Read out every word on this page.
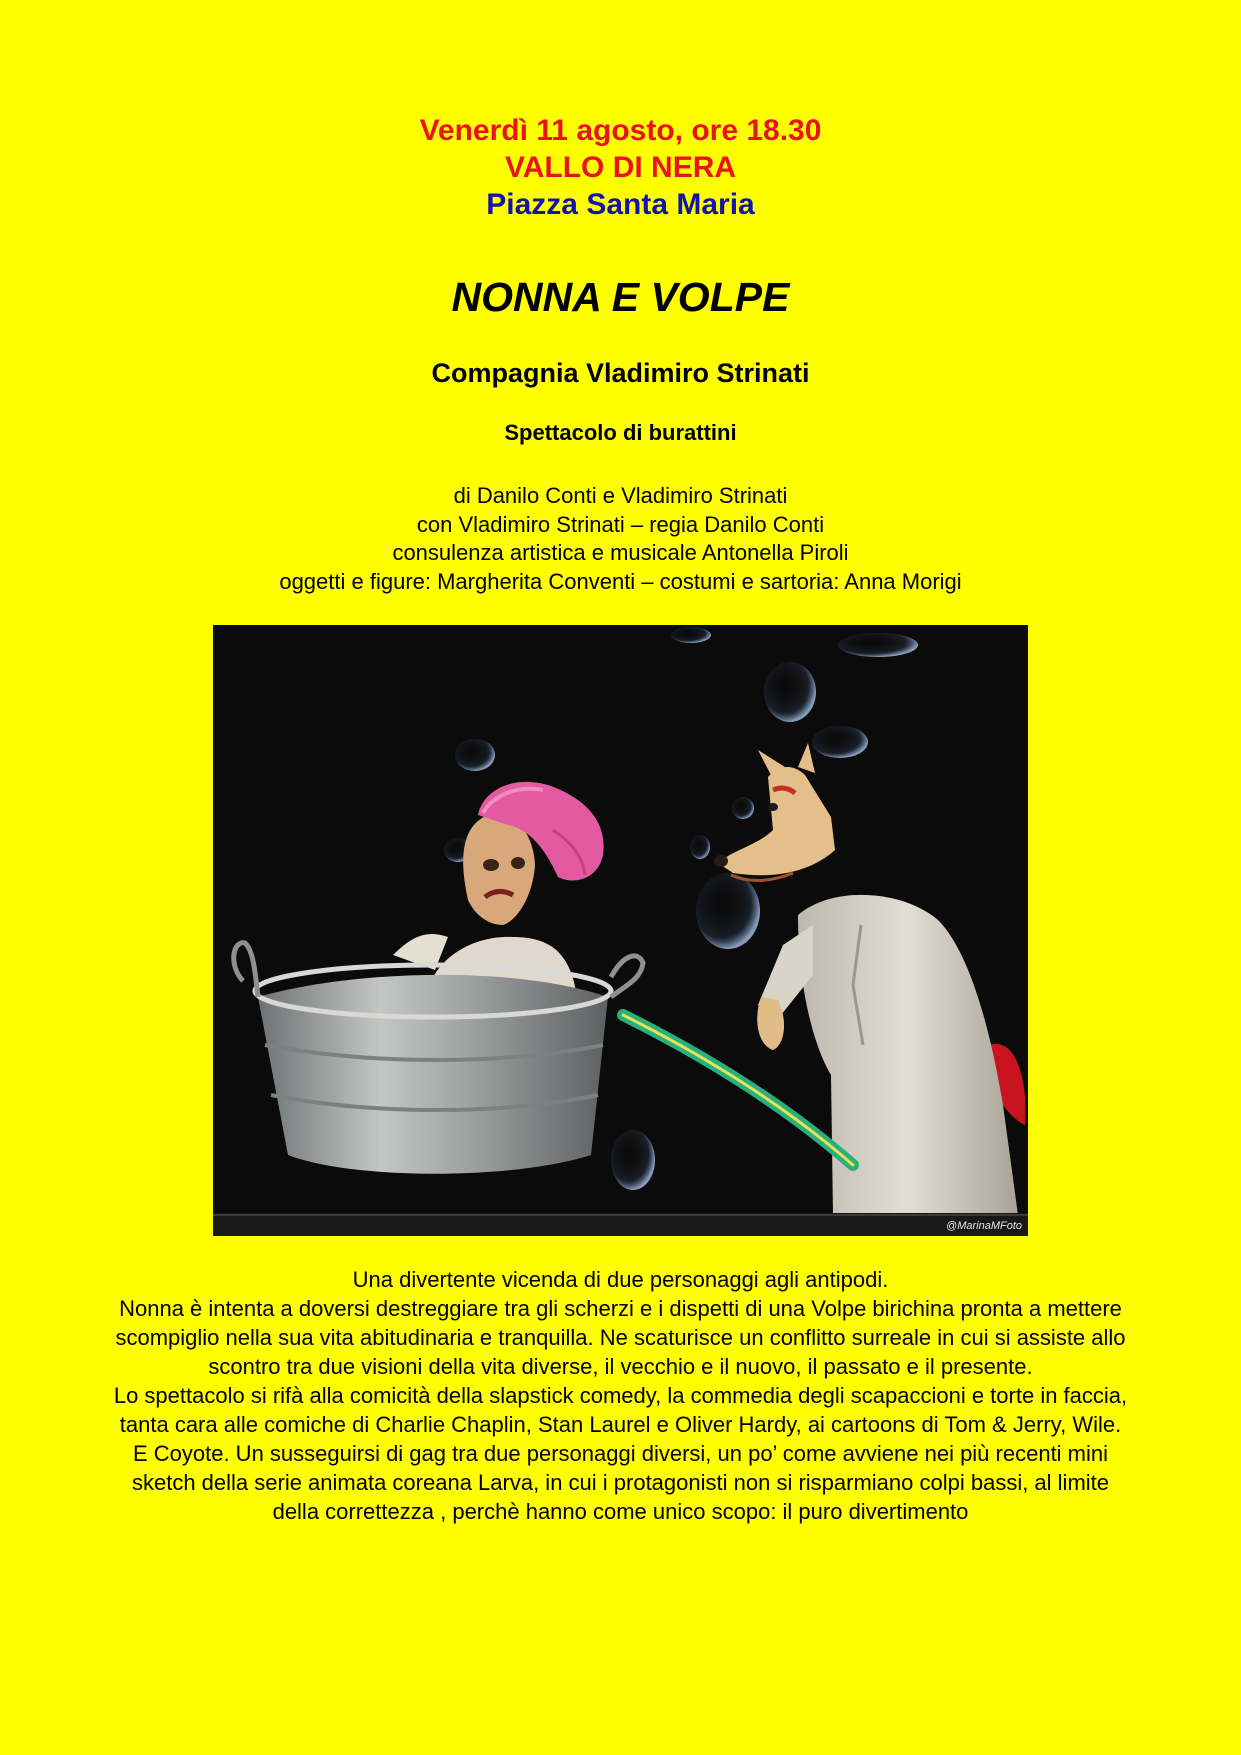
Venerdì 11 agosto, ore 18.30
VALLO DI NERA
Piazza Santa Maria
NONNA E VOLPE
Compagnia Vladimiro Strinati
Spettacolo di burattini
di Danilo Conti e Vladimiro Strinati
con Vladimiro Strinati – regia Danilo Conti
consulenza artistica e musicale Antonella Piroli
oggetti e figure: Margherita Conventi – costumi e sartoria: Anna Morigi
@MarinaMFoto

Una divertente vicenda di due personaggi agli antipodi.

Nonna è intenta a doversi destreggiare tra gli scherzi e i dispetti di una Volpe birichina pronta a mettere scompiglio nella sua vita abitudinaria e tranquilla. Ne scaturisce un conflitto surreale in cui si assiste allo scontro tra due visioni della vita diverse, il vecchio e il nuovo, il passato e il presente.

Lo spettacolo si rifà alla comicità della slapstick comedy, la commedia degli scapaccioni e torte in faccia, tanta cara alle comiche di Charlie Chaplin, Stan Laurel e Oliver Hardy, ai cartoons di Tom & Jerry, Wile. E Coyote. Un susseguirsi di gag tra due personaggi diversi, un po’ come avviene nei più recenti mini sketch della serie animata coreana Larva, in cui i protagonisti non si risparmiano colpi bassi, al limite della correttezza , perchè hanno come unico scopo: il puro divertimento
